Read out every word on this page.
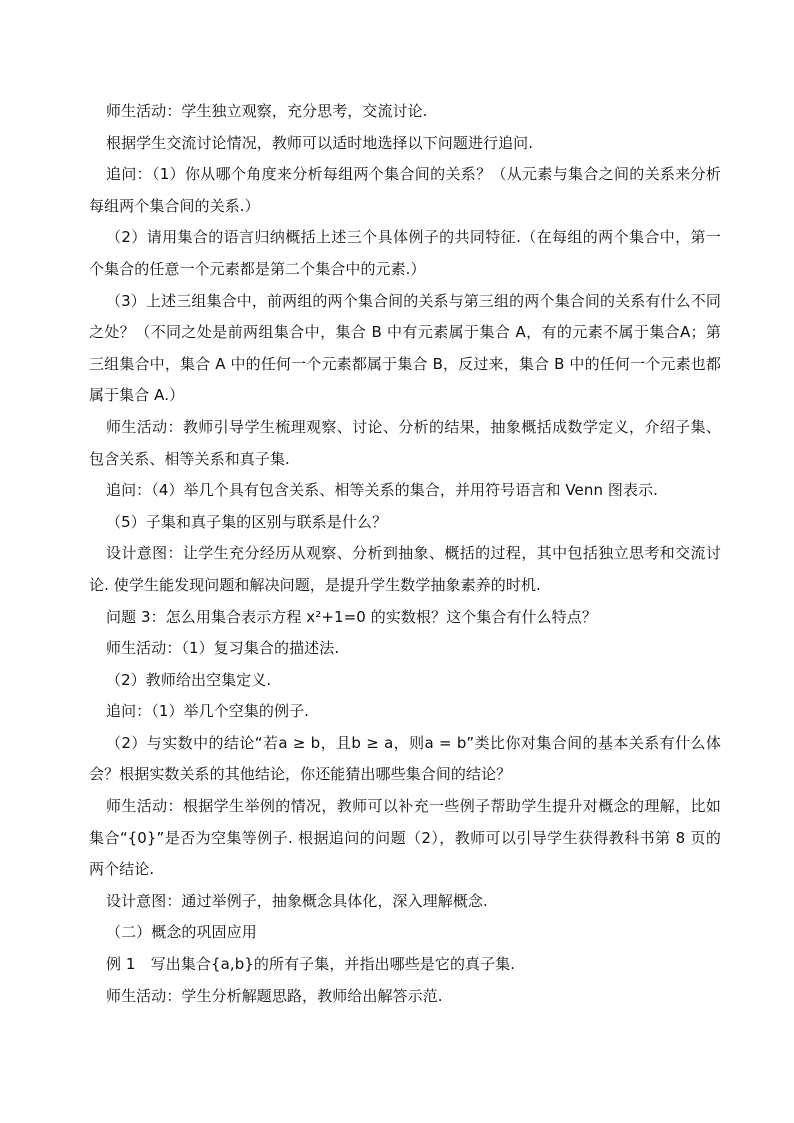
师生活动：学生独立观察，充分思考，交流讨论.

根据学生交流讨论情况，教师可以适时地选择以下问题进行追问.

追问：（1）你从哪个角度来分析每组两个集合间的关系？（从元素与集合之间的关系来分析每组两个集合间的关系.）

（2）请用集合的语言归纳概括上述三个具体例子的共同特征.（在每组的两个集合中，第一个集合的任意一个元素都是第二个集合中的元素.）

（3）上述三组集合中，前两组的两个集合间的关系与第三组的两个集合间的关系有什么不同之处？（不同之处是前两组集合中，集合 B 中有元素属于集合 A，有的元素不属于集合A；第三组集合中，集合 A 中的任何一个元素都属于集合 B，反过来，集合 B 中的任何一个元素也都属于集合 A.）

师生活动：教师引导学生梳理观察、讨论、分析的结果，抽象概括成数学定义，介绍子集、包含关系、相等关系和真子集.

追问：（4）举几个具有包含关系、相等关系的集合，并用符号语言和 Venn 图表示.

（5）子集和真子集的区别与联系是什么？

设计意图：让学生充分经历从观察、分析到抽象、概括的过程，其中包括独立思考和交流讨论. 使学生能发现问题和解决问题，是提升学生数学抽象素养的时机.

问题 3：怎么用集合表示方程 x²+1=0 的实数根？这个集合有什么特点？

师生活动：（1）复习集合的描述法.

（2）教师给出空集定义.

追问：（1）举几个空集的例子.

（2）与实数中的结论“若a ≥ b，且b ≥ a，则a = b”类比你对集合间的基本关系有什么体会？根据实数关系的其他结论，你还能猜出哪些集合间的结论？

师生活动：根据学生举例的情况，教师可以补充一些例子帮助学生提升对概念的理解，比如集合“{0}”是否为空集等例子. 根据追问的问题（2），教师可以引导学生获得教科书第 8 页的两个结论.

设计意图：通过举例子，抽象概念具体化，深入理解概念.

（二）概念的巩固应用

例 1　写出集合{a,b}的所有子集，并指出哪些是它的真子集.

师生活动：学生分析解题思路，教师给出解答示范.
